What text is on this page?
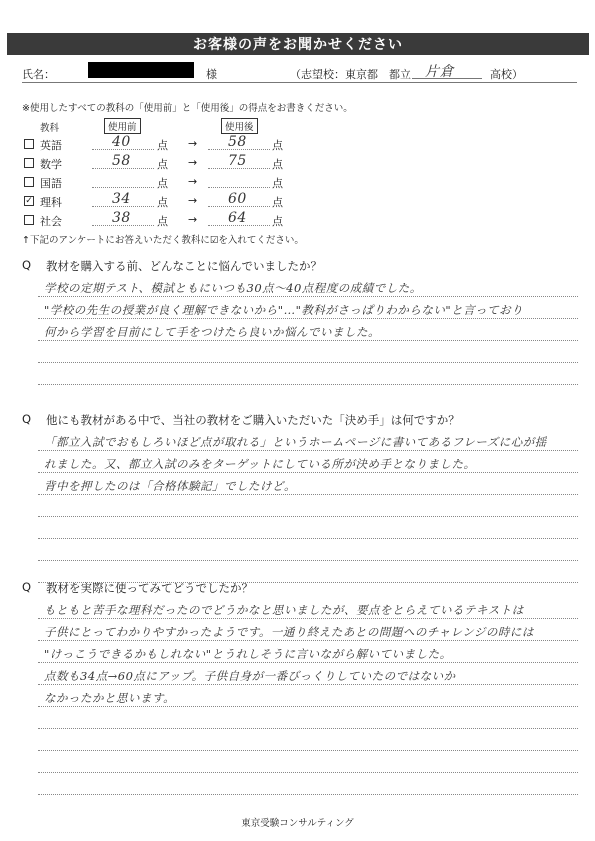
お客様の声をお聞かせください
氏名：	様	（志望校：東京都　都立 片倉	高校）
※使用したすべての教科の「使用前」と「使用後」の得点をお書きください。
教科	使用前	使用後
英語	40 点 → 58 点
数学	58 点 → 75 点
国語	点 →	点
✓ 理科	34 点 → 60 点
社会	38 点 → 64 点
↑下記のアンケートにお答えいただく教科に☑を入れてください。
Q 教材を購入する前、どんなことに悩んでいましたか？
学校の定期テスト、模試ともにいつも30点〜40点程度の成績でした。
"学校の先生の授業が良く理解できないから"…"教科がさっぱりわからない"と言っており
何から学習を目前にして手をつけたら良いか悩んでいました。
Q 他にも教材がある中で、当社の教材をご購入いただいた「決め手」は何ですか？
「都立入試でおもしろいほど点が取れる」というホームページに書いてあるフレーズに心が揺
れました。又、都立入試のみをターゲットにしている所が決め手となりました。
背中を押したのは「合格体験記」でしたけど。
Q 教材を実際に使ってみてどうでしたか？
もともと苦手な理科だったのでどうかなと思いましたが、要点をとらえているテキストは
子供にとってわかりやすかったようです。一通り終えたあとの問題へのチャレンジの時には
"けっこうできるかもしれない"とうれしそうに言いながら解いていました。
点数も34点→60点にアップ。子供自身が一番びっくりしていたのではないか
なかったかと思います。
東京受験コンサルティング
